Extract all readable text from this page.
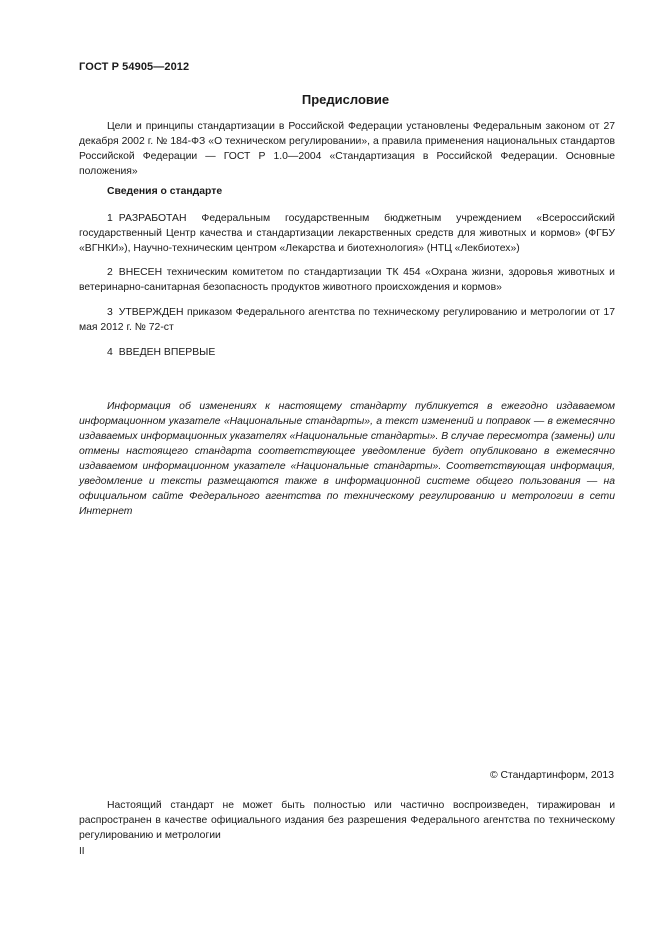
ГОСТ Р 54905—2012
Предисловие

Цели и принципы стандартизации в Российской Федерации установлены Федеральным законом от 27 декабря 2002 г. № 184-ФЗ «О техническом регулировании», а правила применения национальных стандартов Российской Федерации — ГОСТ Р 1.0—2004 «Стандартизация в Российской Федерации. Основные положения»

Сведения о стандарте

1 РАЗРАБОТАН Федеральным государственным бюджетным учреждением «Всероссийский государственный Центр качества и стандартизации лекарственных средств для животных и кормов» (ФГБУ «ВГНКИ»), Научно-техническим центром «Лекарства и биотехнология» (НТЦ «Лекбиотех»)

2 ВНЕСЕН техническим комитетом по стандартизации ТК 454 «Охрана жизни, здоровья животных и ветеринарно-санитарная безопасность продуктов животного происхождения и кормов»

3 УТВЕРЖДЕН приказом Федерального агентства по техническому регулированию и метрологии от 17 мая 2012 г. № 72-ст

4 ВВЕДЕН ВПЕРВЫЕ

Информация об изменениях к настоящему стандарту публикуется в ежегодно издаваемом информационном указателе «Национальные стандарты», а текст изменений и поправок — в ежемесячно издаваемых информационных указателях «Национальные стандарты». В случае пересмотра (замены) или отмены настоящего стандарта соответствующее уведомление будет опубликовано в ежемесячно издаваемом информационном указателе «Национальные стандарты». Соответствующая информация, уведомление и тексты размещаются также в информационной системе общего пользования — на официальном сайте Федерального агентства по техническому регулированию и метрологии в сети Интернет

© Стандартинформ, 2013

Настоящий стандарт не может быть полностью или частично воспроизведен, тиражирован и распространен в качестве официального издания без разрешения Федерального агентства по техническому регулированию и метрологии

II
